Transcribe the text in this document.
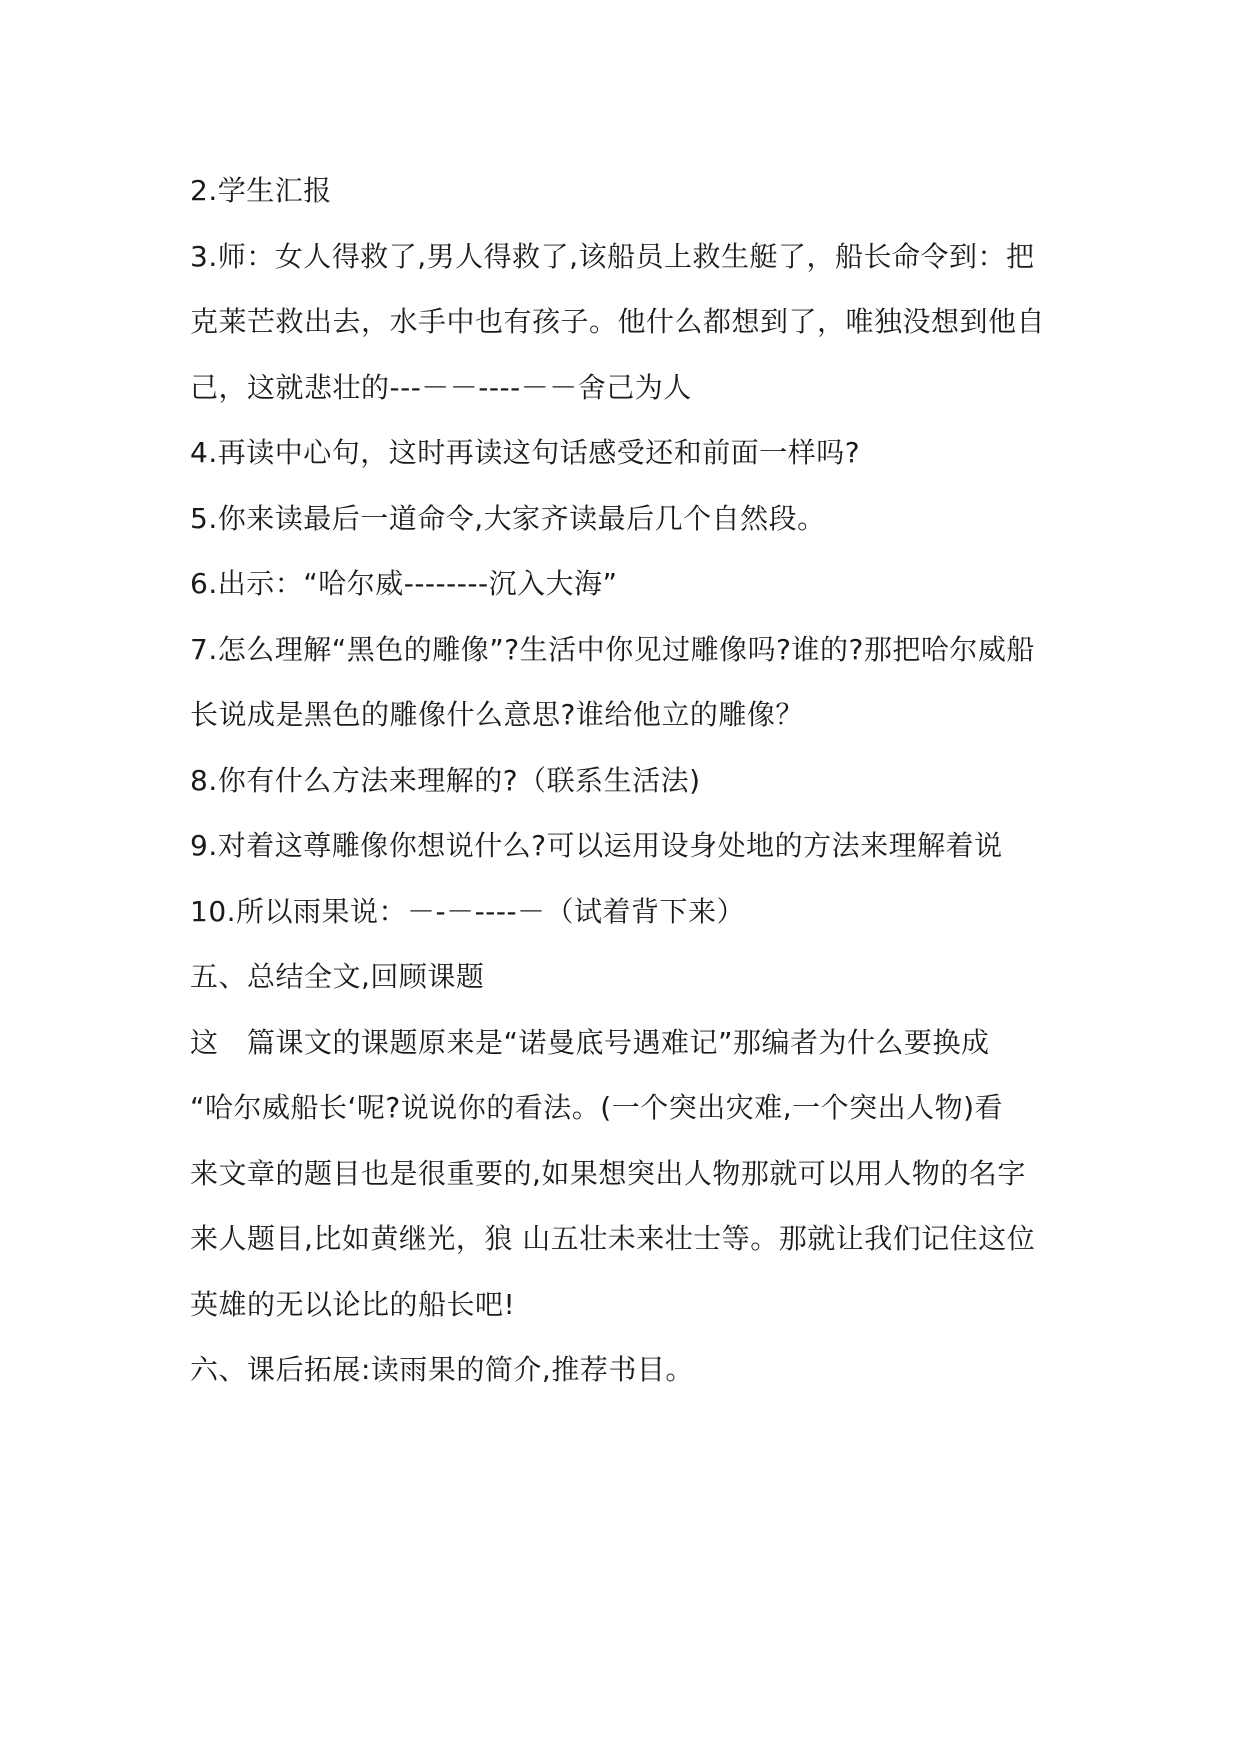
2.学生汇报

3.师：女人得救了,男人得救了,该船员上救生艇了，船长命令到：把

克莱芒救出去，水手中也有孩子。他什么都想到了，唯独没想到他自

己，这就悲壮的---－－----－－舍己为人

4.再读中心句，这时再读这句话感受还和前面一样吗?

5.你来读最后一道命令,大家齐读最后几个自然段。

6.出示：“哈尔威--------沉入大海”

7.怎么理解“黑色的雕像”?生活中你见过雕像吗?谁的?那把哈尔威船

长说成是黑色的雕像什么意思?谁给他立的雕像？

8.你有什么方法来理解的?（联系生活法)

9.对着这尊雕像你想说什么?可以运用设身处地的方法来理解着说

10.所以雨果说：－-－----－（试着背下来）

五、总结全文,回顾课题

这　篇课文的课题原来是“诺曼底号遇难记”那编者为什么要换成

“哈尔威船长‘呢?说说你的看法。(一个突出灾难,一个突出人物)看

来文章的题目也是很重要的,如果想突出人物那就可以用人物的名字

来人题目,比如黄继光，狼 山五壮未来壮士等。那就让我们记住这位

英雄的无以论比的船长吧!

六、课后拓展:读雨果的简介,推荐书目。
